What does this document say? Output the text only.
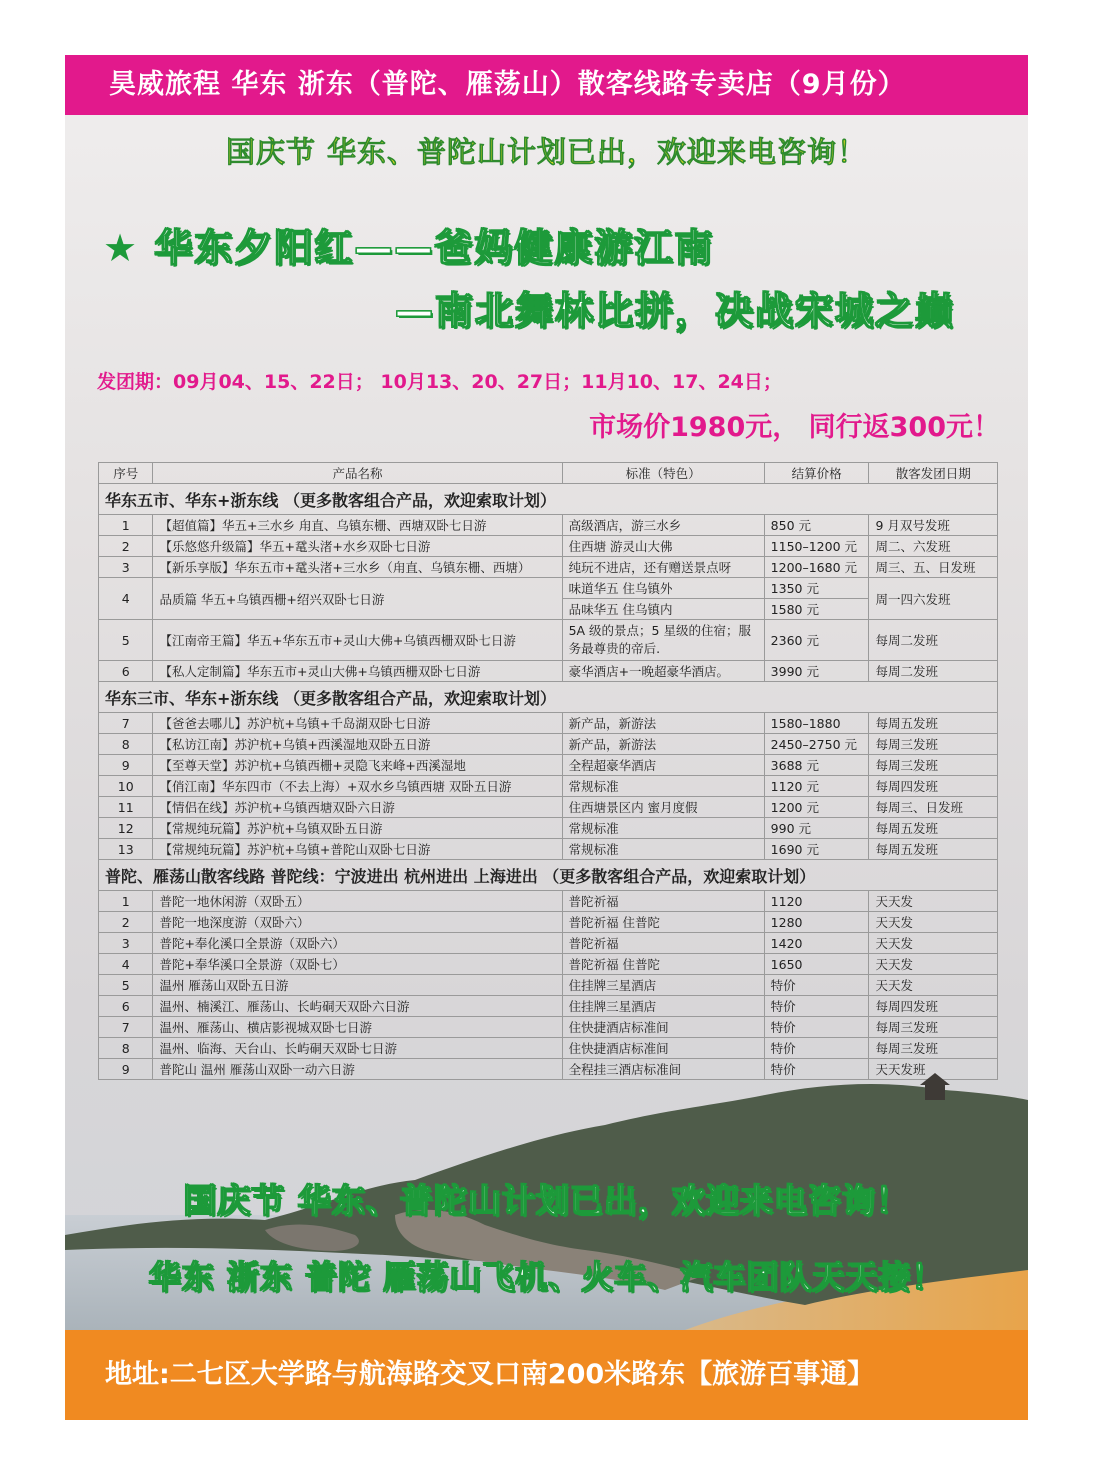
昊威旅程 华东 浙东（普陀、雁荡山）散客线路专卖店（9月份）
国庆节 华东、普陀山计划已出，欢迎来电咨询！
★ 华东夕阳红——爸妈健康游江南
—南北舞林比拼，决战宋城之巅
发团期：09月04、15、22日； 10月13、20、27日；11月10、17、24日；
市场价1980元， 同行返300元！
序号	产品名称	标准（特色）	结算价格	散客发团日期
华东五市、华东+浙东线 （更多散客组合产品，欢迎索取计划）				
1	【超值篇】华五+三水乡 甪直、乌镇东栅、西塘双卧七日游	高级酒店，游三水乡	850 元	9 月双号发班
2	【乐悠悠升级篇】华五+鼋头渚+水乡双卧七日游	住西塘 游灵山大佛	1150–1200 元	周二、六发班
3	【新乐享版】华东五市+鼋头渚+三水乡（甪直、乌镇东栅、西塘）	纯玩不进店，还有赠送景点呀	1200–1680 元	周三、五、日发班
4	品质篇 华五+乌镇西栅+绍兴双卧七日游	味道华五 住乌镇外	1350 元	周一四六发班
		品味华五 住乌镇内	1580 元	
5	【江南帝王篇】华五+华东五市+灵山大佛+乌镇西栅双卧七日游	5A 级的景点；5 星级的住宿；服务最尊贵的帝后.	2360 元	每周二发班
6	【私人定制篇】华东五市+灵山大佛+乌镇西栅双卧七日游	豪华酒店+一晚超豪华酒店。	3990 元	每周二发班
华东三市、华东+浙东线 （更多散客组合产品，欢迎索取计划）				
7	【爸爸去哪儿】苏沪杭+乌镇+千岛湖双卧七日游	新产品，新游法	1580–1880	每周五发班
8	【私访江南】苏沪杭+乌镇+西溪湿地双卧五日游	新产品，新游法	2450–2750 元	每周三发班
9	【至尊天堂】苏沪杭+乌镇西栅+灵隐飞来峰+西溪湿地	全程超豪华酒店	3688 元	每周三发班
10	【俏江南】华东四市（不去上海）+双水乡乌镇西塘 双卧五日游	常规标准	1120 元	每周四发班
11	【情侣在线】苏沪杭+乌镇西塘双卧六日游	住西塘景区内 蜜月度假	1200 元	每周三、日发班
12	【常规纯玩篇】苏沪杭+乌镇双卧五日游	常规标准	990 元	每周五发班
13	【常规纯玩篇】苏沪杭+乌镇+普陀山双卧七日游	常规标准	1690 元	每周五发班
普陀、雁荡山散客线路 普陀线：宁波进出 杭州进出 上海进出 （更多散客组合产品，欢迎索取计划）				
1	普陀一地休闲游（双卧五）	普陀祈福	1120	天天发
2	普陀一地深度游（双卧六）	普陀祈福 住普陀	1280	天天发
3	普陀+奉化溪口全景游（双卧六）	普陀祈福	1420	天天发
4	普陀+奉华溪口全景游（双卧七）	普陀祈福 住普陀	1650	天天发
5	温州 雁荡山双卧五日游	住挂牌三星酒店	特价	天天发
6	温州、楠溪江、雁荡山、长屿硐天双卧六日游	住挂牌三星酒店	特价	每周四发班
7	温州、雁荡山、横店影视城双卧七日游	住快捷酒店标准间	特价	每周三发班
8	温州、临海、天台山、长屿硐天双卧七日游	住快捷酒店标准间	特价	每周三发班
9	普陀山 温州 雁荡山双卧一动六日游	全程挂三酒店标准间	特价	天天发班
国庆节 华东、普陀山计划已出，欢迎来电咨询！
华东 浙东 普陀 雁荡山飞机、火车、汽车团队天天接！
地址:二七区大学路与航海路交叉口南200米路东【旅游百事通】
